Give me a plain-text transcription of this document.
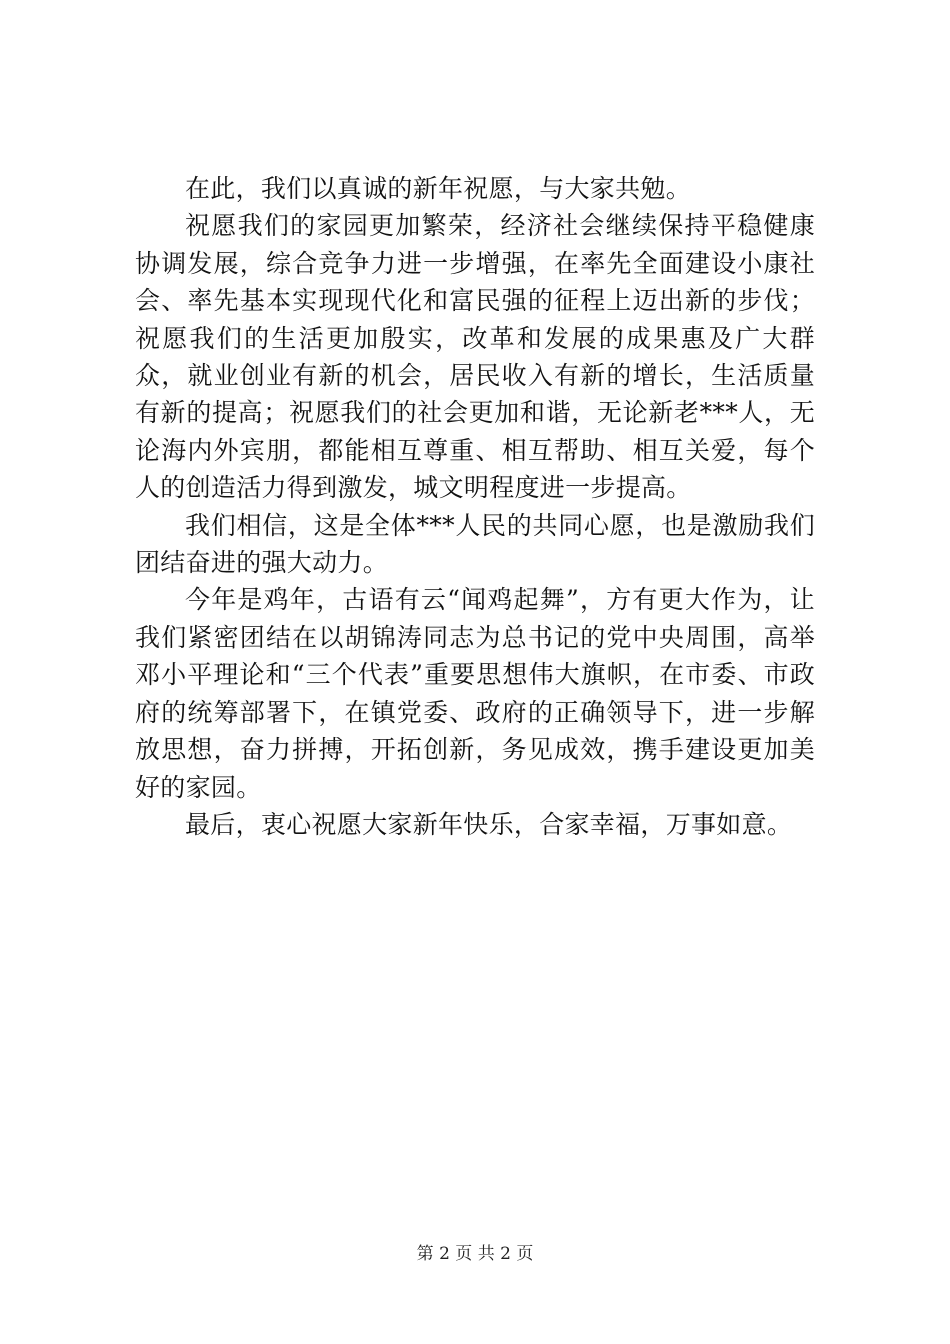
在此，我们以真诚的新年祝愿，与大家共勉。

祝愿我们的家园更加繁荣，经济社会继续保持平稳健康协调发展，综合竞争力进一步增强，在率先全面建设小康社会、率先基本实现现代化和富民强的征程上迈出新的步伐；祝愿我们的生活更加殷实，改革和发展的成果惠及广大群众，就业创业有新的机会，居民收入有新的增长，生活质量有新的提高；祝愿我们的社会更加和谐，无论新老***人，无论海内外宾朋，都能相互尊重、相互帮助、相互关爱，每个人的创造活力得到激发，城文明程度进一步提高。

我们相信，这是全体***人民的共同心愿，也是激励我们团结奋进的强大动力。

今年是鸡年，古语有云“闻鸡起舞”，方有更大作为，让我们紧密团结在以胡锦涛同志为总书记的党中央周围，高举邓小平理论和“三个代表”重要思想伟大旗帜，在市委、市政府的统筹部署下，在镇党委、政府的正确领导下，进一步解放思想，奋力拼搏，开拓创新，务见成效，携手建设更加美好的家园。

最后，衷心祝愿大家新年快乐，合家幸福，万事如意。

第 2 页 共 2 页
